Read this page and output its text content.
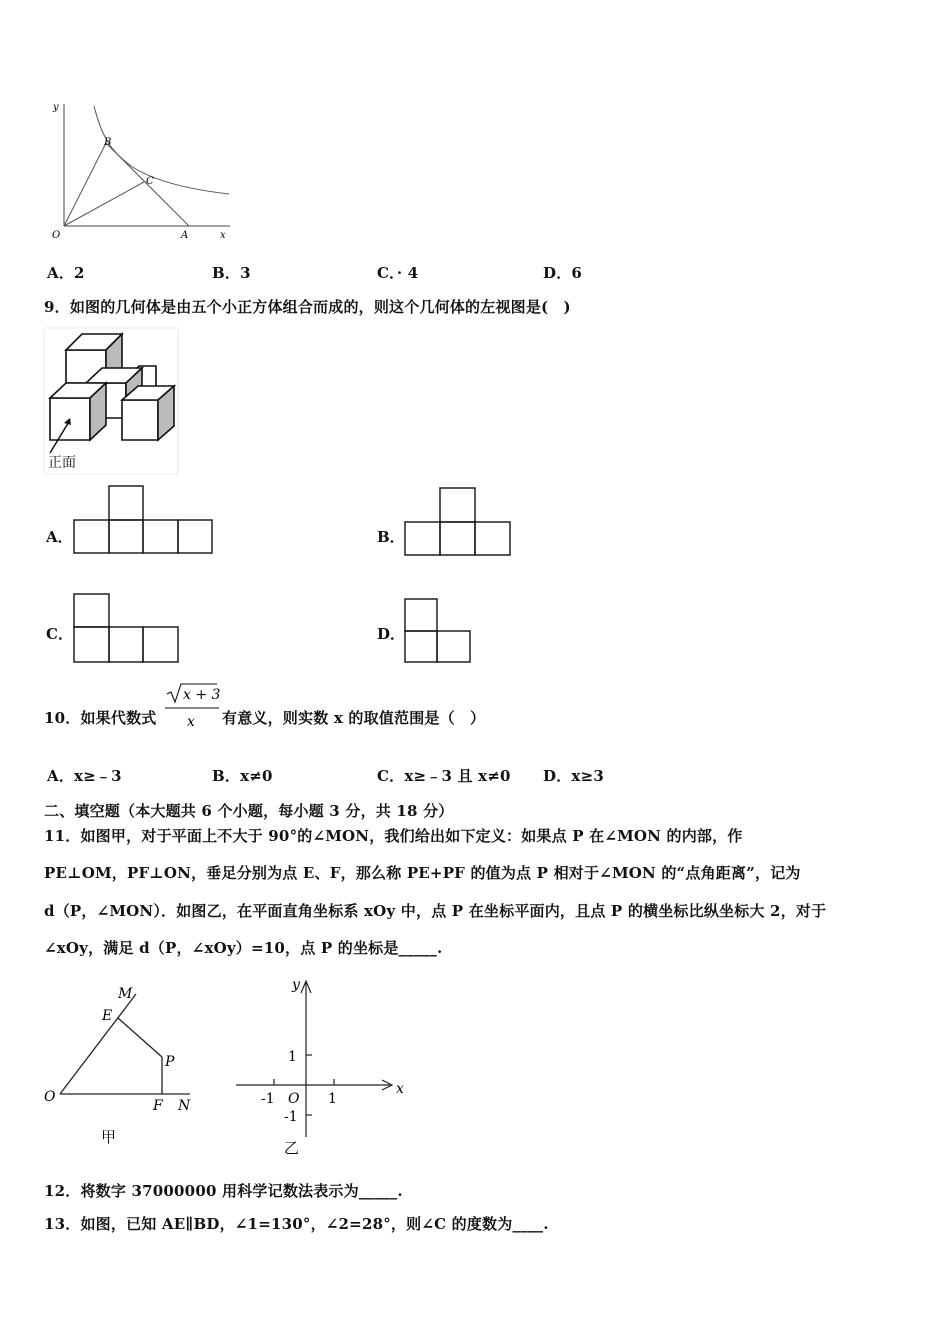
y
x
O	A
B
C
A．2	B．3	C．· 4	D．6
9．如图的几何体是由五个小正方体组合而成的，则这个几何体的左视图是(　)
正面
A．	B．
C．	D．
10．如果代数式
x + 3
x 有意义，则实数 x 的取值范围是（　）
A．x≥﹣3	B．x≠0	C．x≥﹣3 且 x≠0 D．x≥3
二、填空题（本大题共 6 个小题，每小题 3 分，共 18 分）
11．如图甲，对于平面上不大于 90°的∠MON，我们给出如下定义：如果点 P 在∠MON 的内部，作
PE⊥OM，PF⊥ON，垂足分别为点 E、F，那么称 PE+PF 的值为点 P 相对于∠MON 的“点角距离”，记为
d（P，∠MON）．如图乙，在平面直角坐标系 xOy 中，点 P 在坐标平面内，且点 P 的横坐标比纵坐标大 2，对于
∠xOy，满足 d（P，∠xOy）=10，点 P 的坐标是_____.
M
E
P
O
F N
甲
y
x
1
-1
-1 O 1
乙
12．将数字 37000000 用科学记数法表示为_____.
13．如图，已知 AE∥BD，∠1=130°，∠2=28°，则∠C 的度数为____.
